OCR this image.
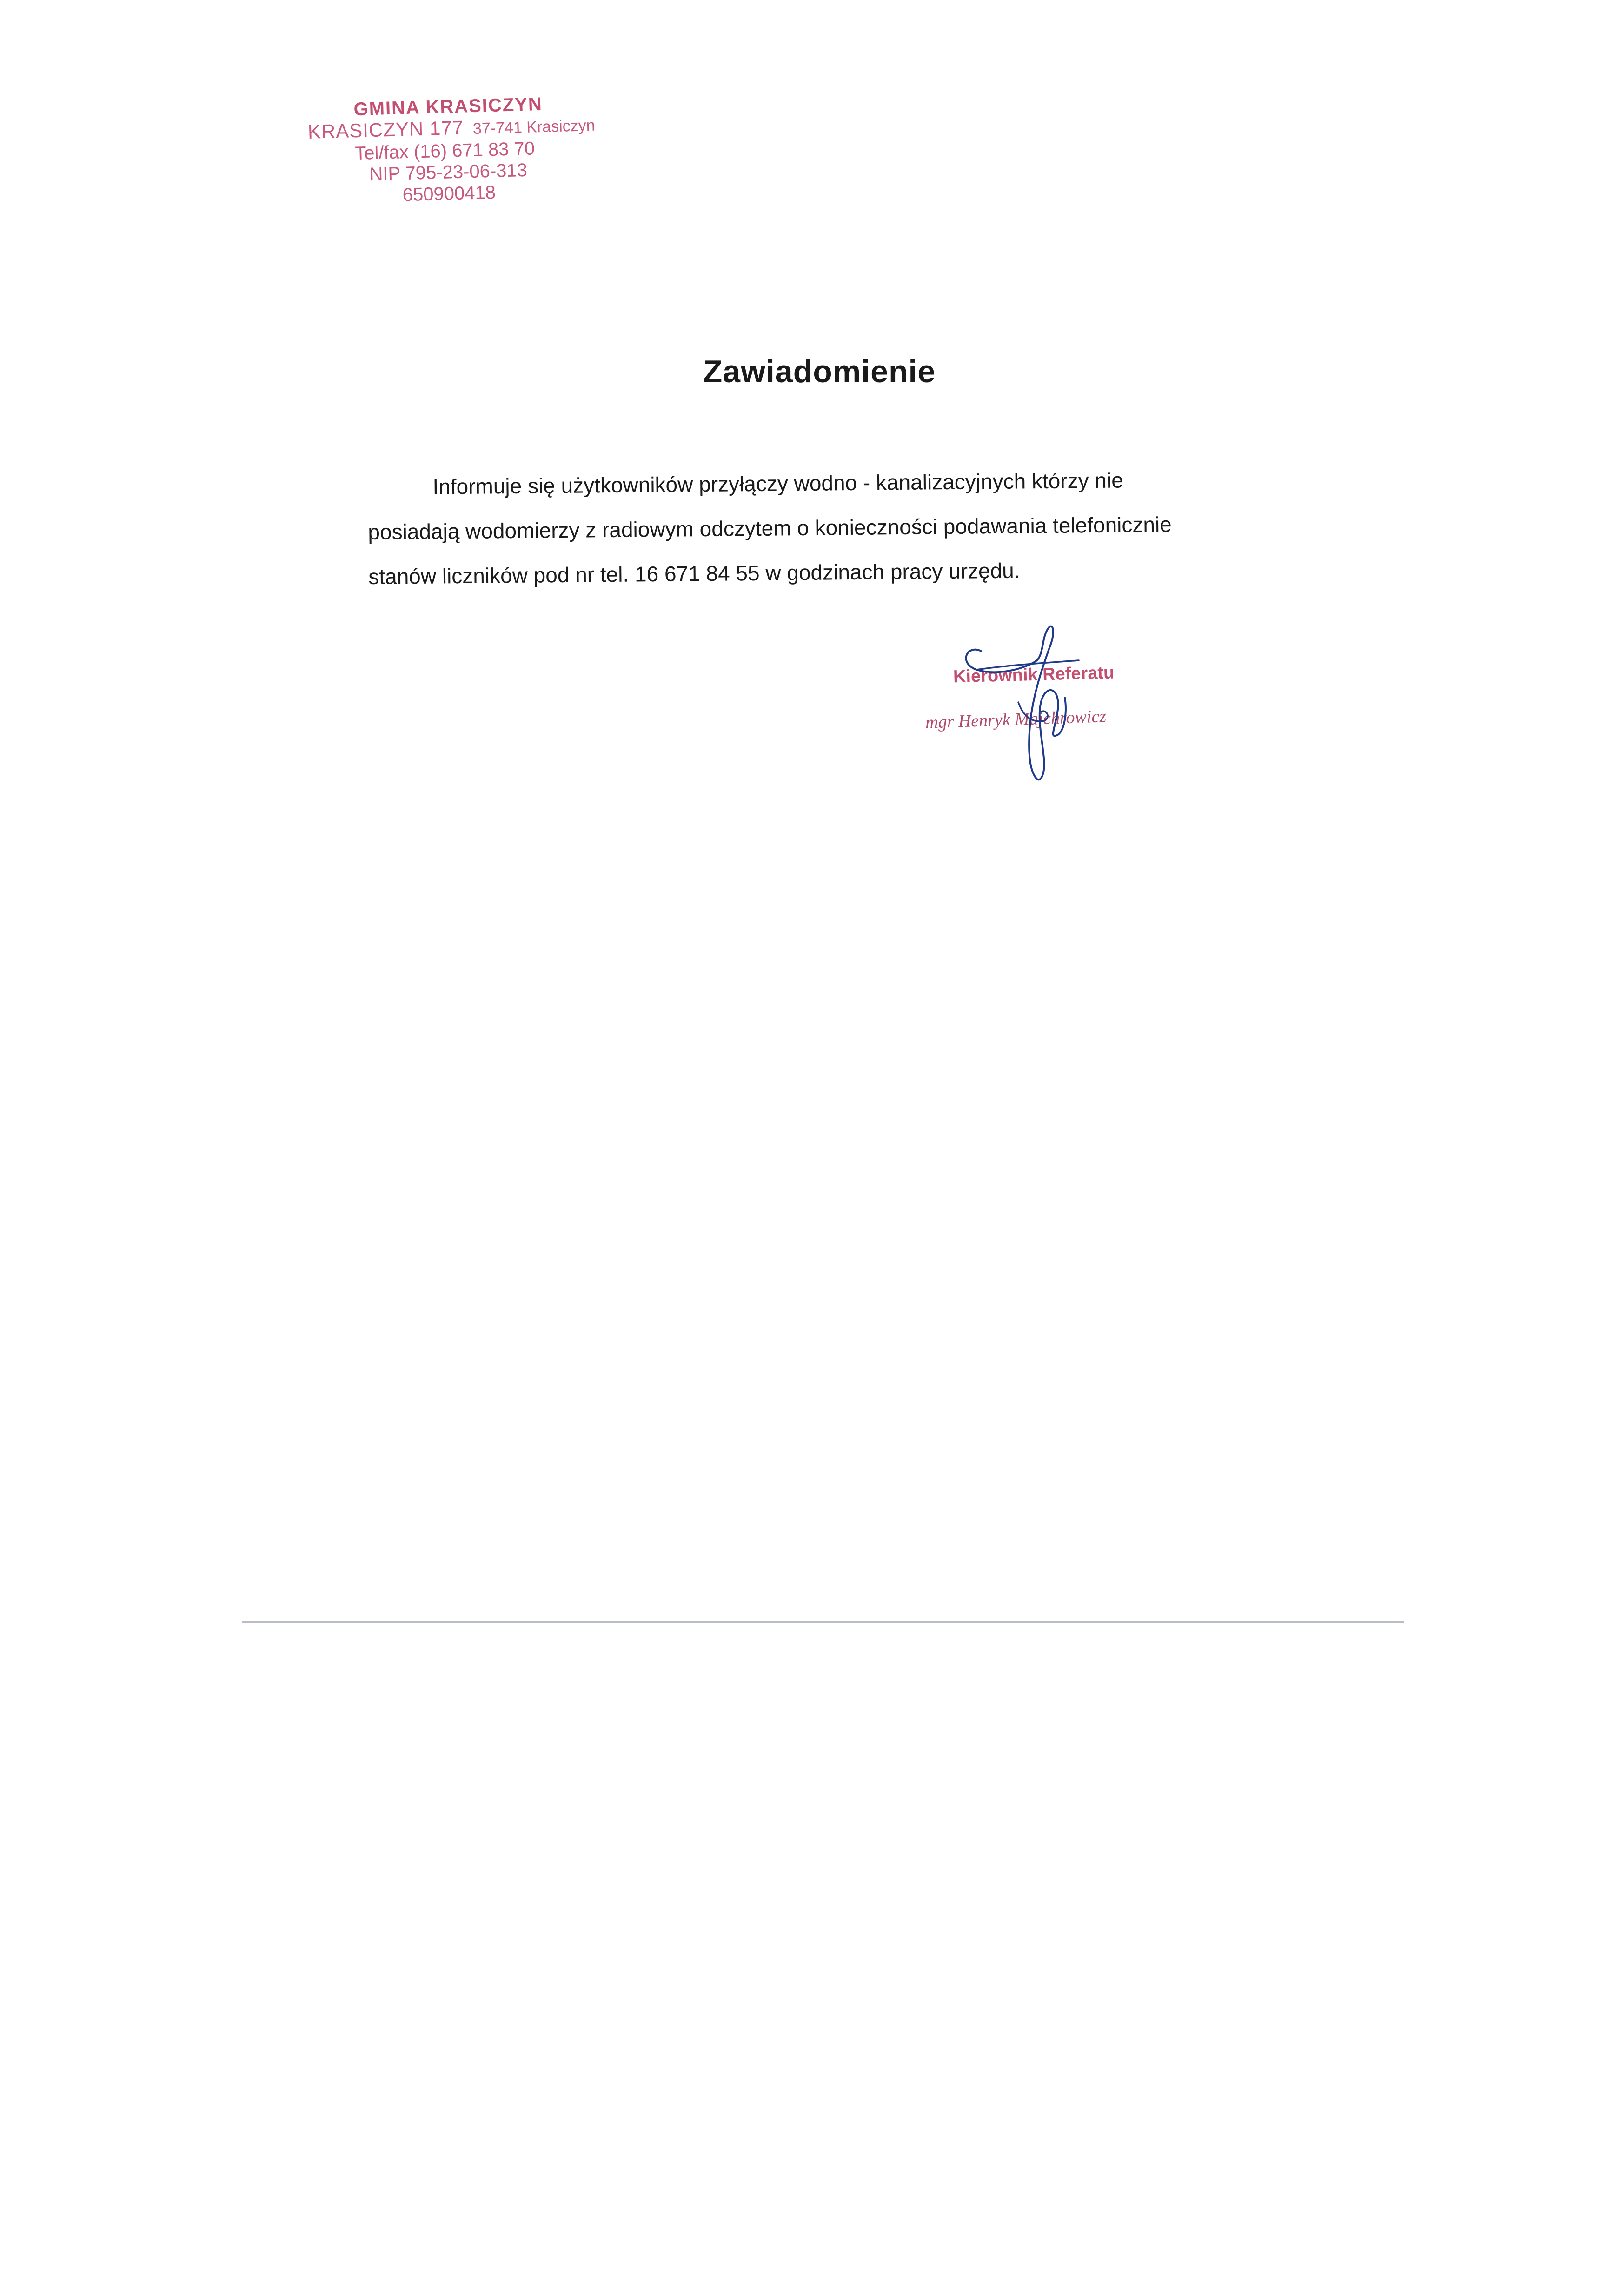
GMINA KRASICZYN
KRASICZYN 177 37-741 Krasiczyn
Tel/fax (16) 671 83 70
NIP 795-23-06-313
650900418
Zawiadomienie
Informuje się użytkowników przyłączy wodno - kanalizacyjnych którzy nie
posiadają wodomierzy z radiowym odczytem o konieczności podawania telefonicznie
stanów liczników pod nr tel. 16 671 84 55 w godzinach pracy urzędu.
Kierownik Referatu
mgr Henryk Majchrowicz
